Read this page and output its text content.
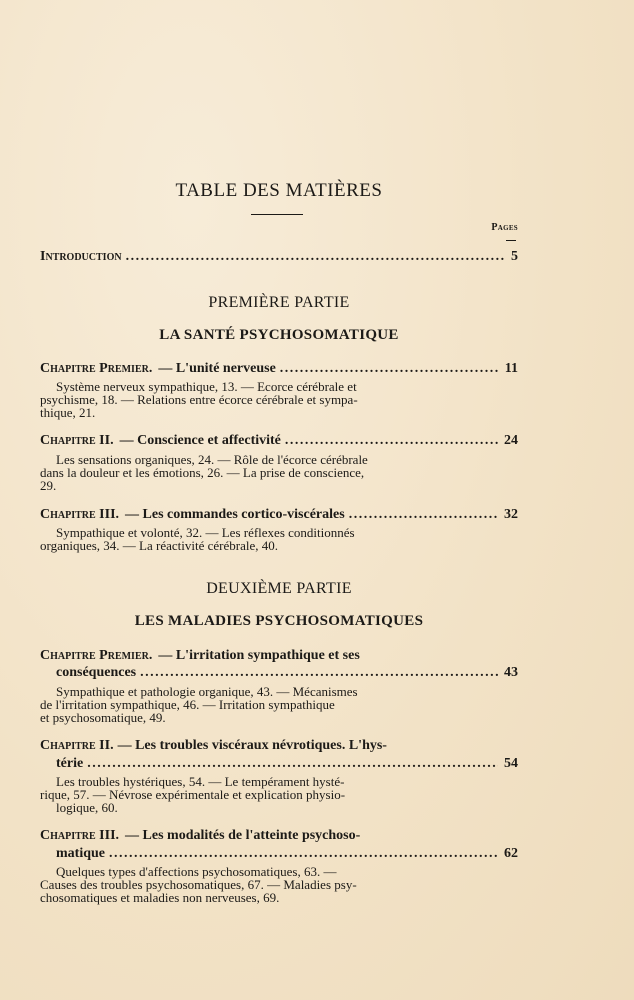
TABLE DES MATIÈRES
Pages
Introduction . . .	5
PREMIÈRE PARTIE
LA SANTÉ PSYCHOSOMATIQUE
Chapitre Premier. — L'unité nerveuse . . .	11
Système nerveux sympathique, 13. — Ecorce cérébrale et
psychisme, 18. — Relations entre écorce cérébrale et sympa-
thique, 21.
Chapitre II. — Conscience et affectivité . . .	24
Les sensations organiques, 24. — Rôle de l'écorce cérébrale
dans la douleur et les émotions, 26. — La prise de conscience,
29.
Chapitre III. — Les commandes cortico-viscérales . . .	32
Sympathique et volonté, 32. — Les réflexes conditionnés
organiques, 34. — La réactivité cérébrale, 40.
DEUXIÈME PARTIE
LES MALADIES PSYCHOSOMATIQUES
Chapitre Premier. — L'irritation sympathique et ses
conséquences . . .	43
Sympathique et pathologie organique, 43. — Mécanismes
de l'irritation sympathique, 46. — Irritation sympathique
et psychosomatique, 49.
Chapitre II. — Les troubles viscéraux névrotiques. L'hys-
térie . . .	54
Les troubles hystériques, 54. — Le tempérament hysté-
rique, 57. — Névrose expérimentale et explication physio-
logique, 60.
Chapitre III. — Les modalités de l'atteinte psychoso-
matique . . .	62
Quelques types d'affections psychosomatiques, 63. —
Causes des troubles psychosomatiques, 67. — Maladies psy-
chosomatiques et maladies non nerveuses, 69.
